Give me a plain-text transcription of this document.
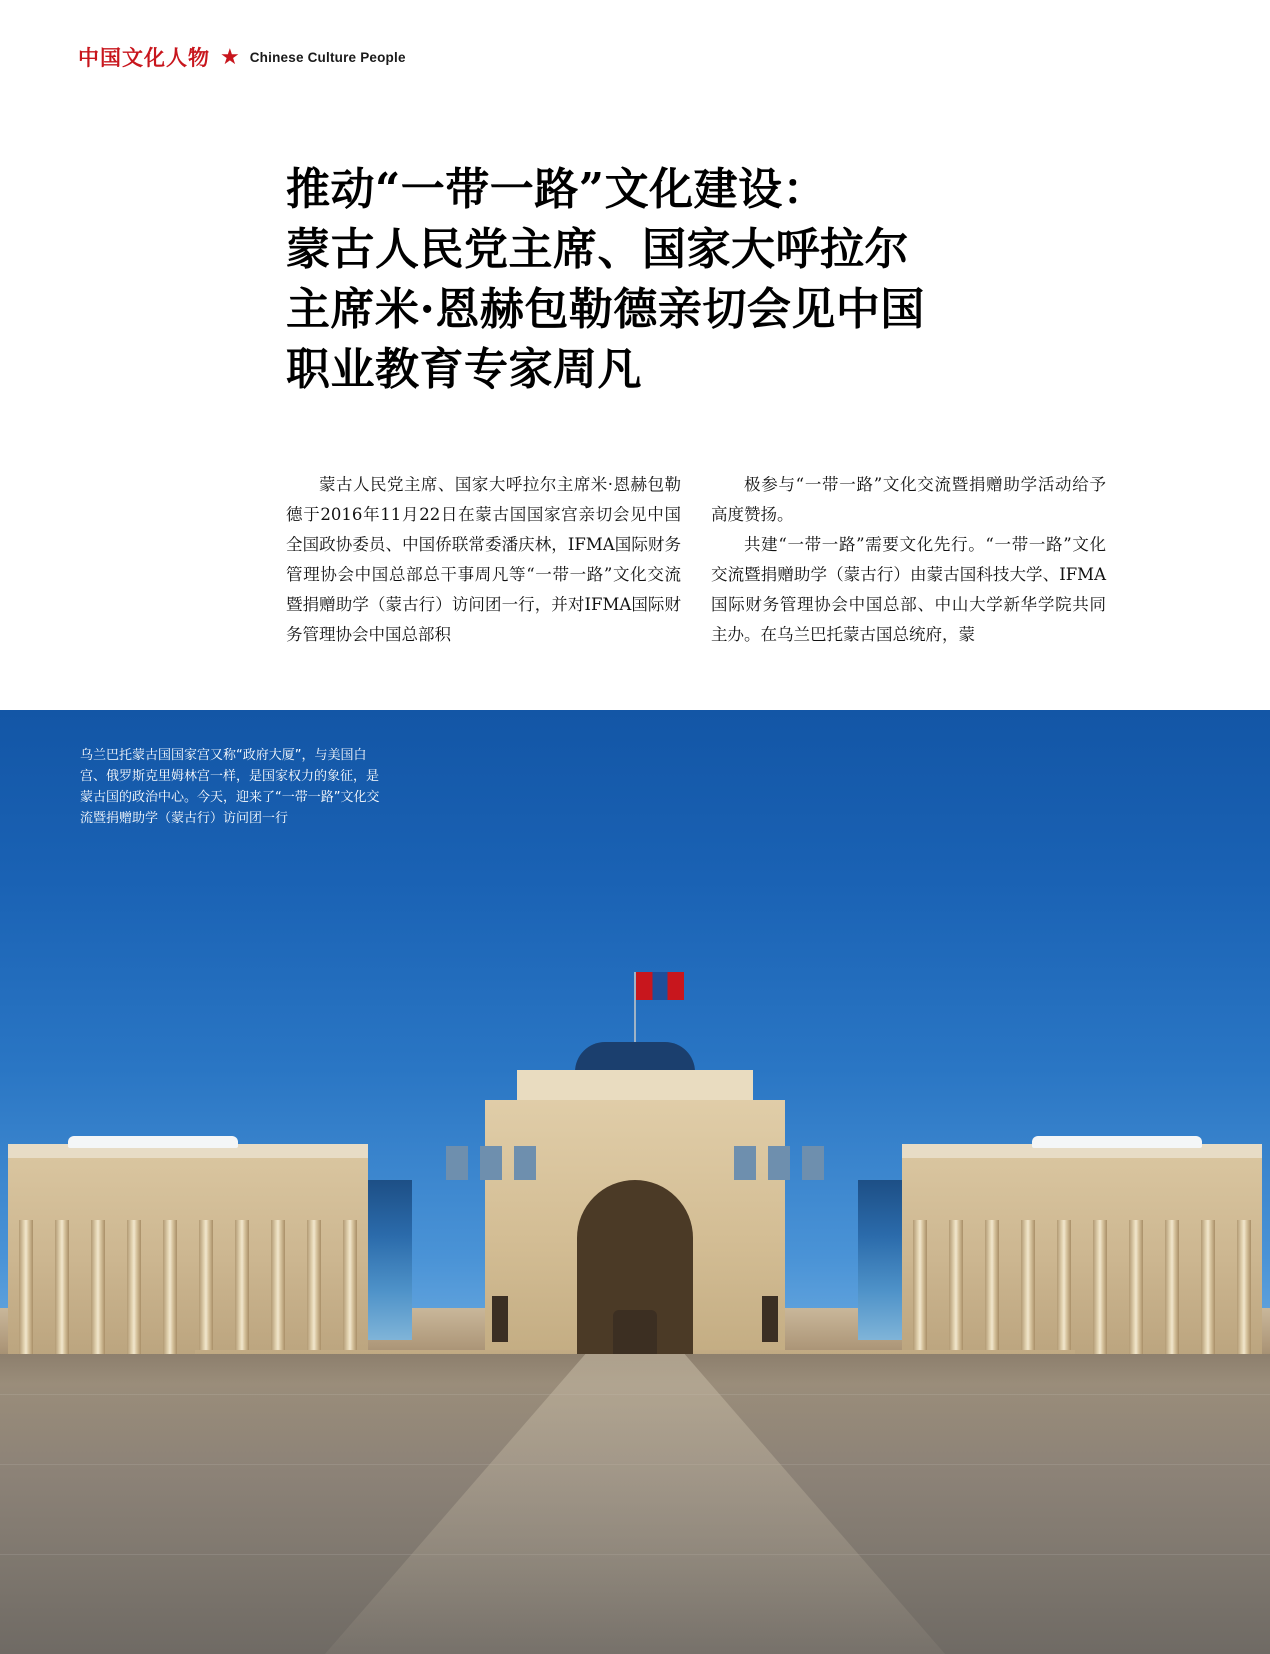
中国文化人物 ★ Chinese Culture People
推动“一带一路”文化建设：
蒙古人民党主席、国家大呼拉尔
主席米·恩赫包勒德亲切会见中国
职业教育专家周凡

蒙古人民党主席、国家大呼拉尔主席米·恩赫包勒德于2016年11月22日在蒙古国国家宫亲切会见中国全国政协委员、中国侨联常委潘庆林，IFMA国际财务管理协会中国总部总干事周凡等“一带一路”文化交流暨捐赠助学（蒙古行）访问团一行，并对IFMA国际财务管理协会中国总部积

极参与“一带一路”文化交流暨捐赠助学活动给予高度赞扬。

共建“一带一路”需要文化先行。“一带一路”文化交流暨捐赠助学（蒙古行）由蒙古国科技大学、IFMA国际财务管理协会中国总部、中山大学新华学院共同主办。在乌兰巴托蒙古国总统府，蒙

乌兰巴托蒙古国国家宫又称“政府大厦”，与美国白宫、俄罗斯克里姆林宫一样，是国家权力的象征，是蒙古国的政治中心。今天，迎来了“一带一路”文化交流暨捐赠助学（蒙古行）访问团一行
